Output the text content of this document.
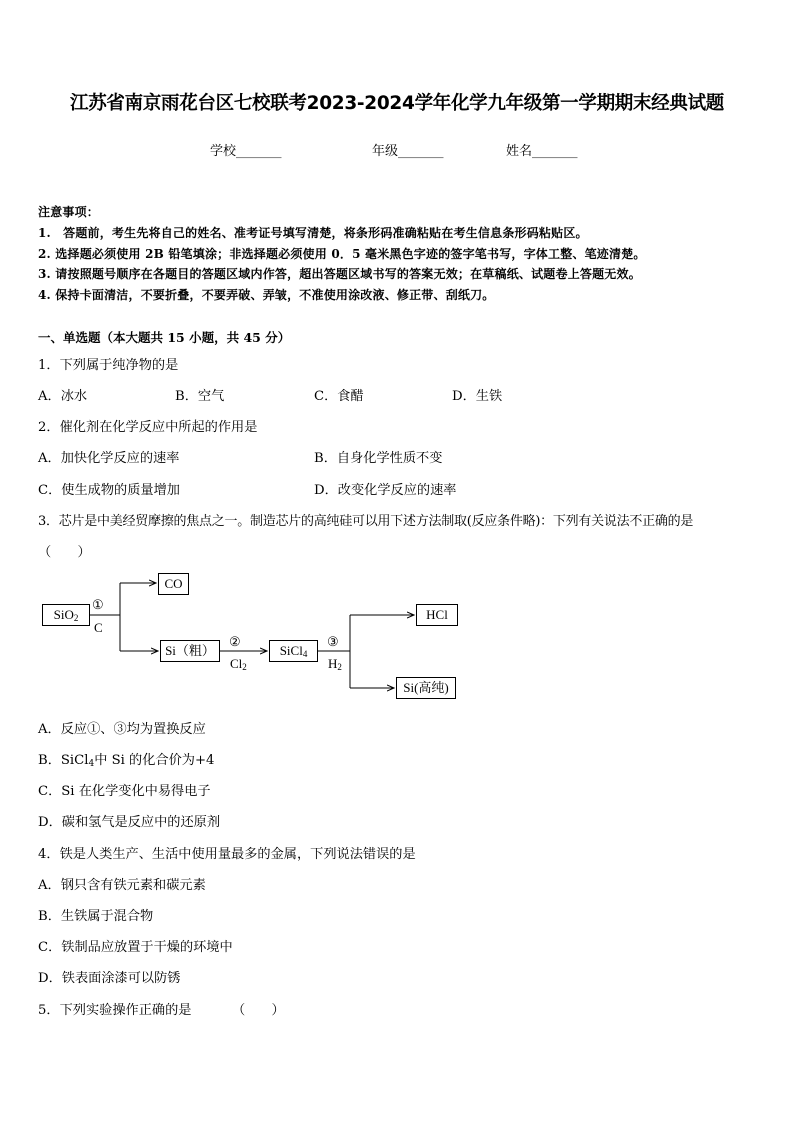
江苏省南京雨花台区七校联考2023-2024学年化学九年级第一学期期末经典试题
学校_______	年级_______	姓名_______
注意事项：
1.　答题前，考生先将自己的姓名、准考证号填写清楚，将条形码准确粘贴在考生信息条形码粘贴区。
2. 选择题必须使用 2B 铅笔填涂；非选择题必须使用 0．5 毫米黑色字迹的签字笔书写，字体工整、笔迹清楚。
3. 请按照题号顺序在各题目的答题区域内作答，超出答题区域书写的答案无效；在草稿纸、试题卷上答题无效。
4. 保持卡面清洁，不要折叠，不要弄破、弄皱，不准使用涂改液、修正带、刮纸刀。
一、单选题（本大题共 15 小题，共 45 分）
1．下列属于纯净物的是
A．冰水	B．空气	C．食醋	D．生铁
2．催化剂在化学反应中所起的作用是
A．加快化学反应的速率	B．自身化学性质不变
C．使生成物的质量增加	D．改变化学反应的速率
3．芯片是中美经贸摩擦的焦点之一。制造芯片的高纯硅可以用下述方法制取(反应条件略)：下列有关说法不正确的是
（　　）
SiO$_2$
CO
Si（粗）	SiCl$_4$
HCl
Si(高纯)
①
C
②
$Cl_2$
③
$H_2$
A．反应①、③均为置换反应
B．SiCl$_4$中 Si 的化合价为+4
C．Si 在化学变化中易得电子
D．碳和氢气是反应中的还原剂
4．铁是人类生产、生活中使用量最多的金属，下列说法错误的是
A．钢只含有铁元素和碳元素
B．生铁属于混合物
C．铁制品应放置于干燥的环境中
D．铁表面涂漆可以防锈
5．下列实验操作正确的是	（　　）
